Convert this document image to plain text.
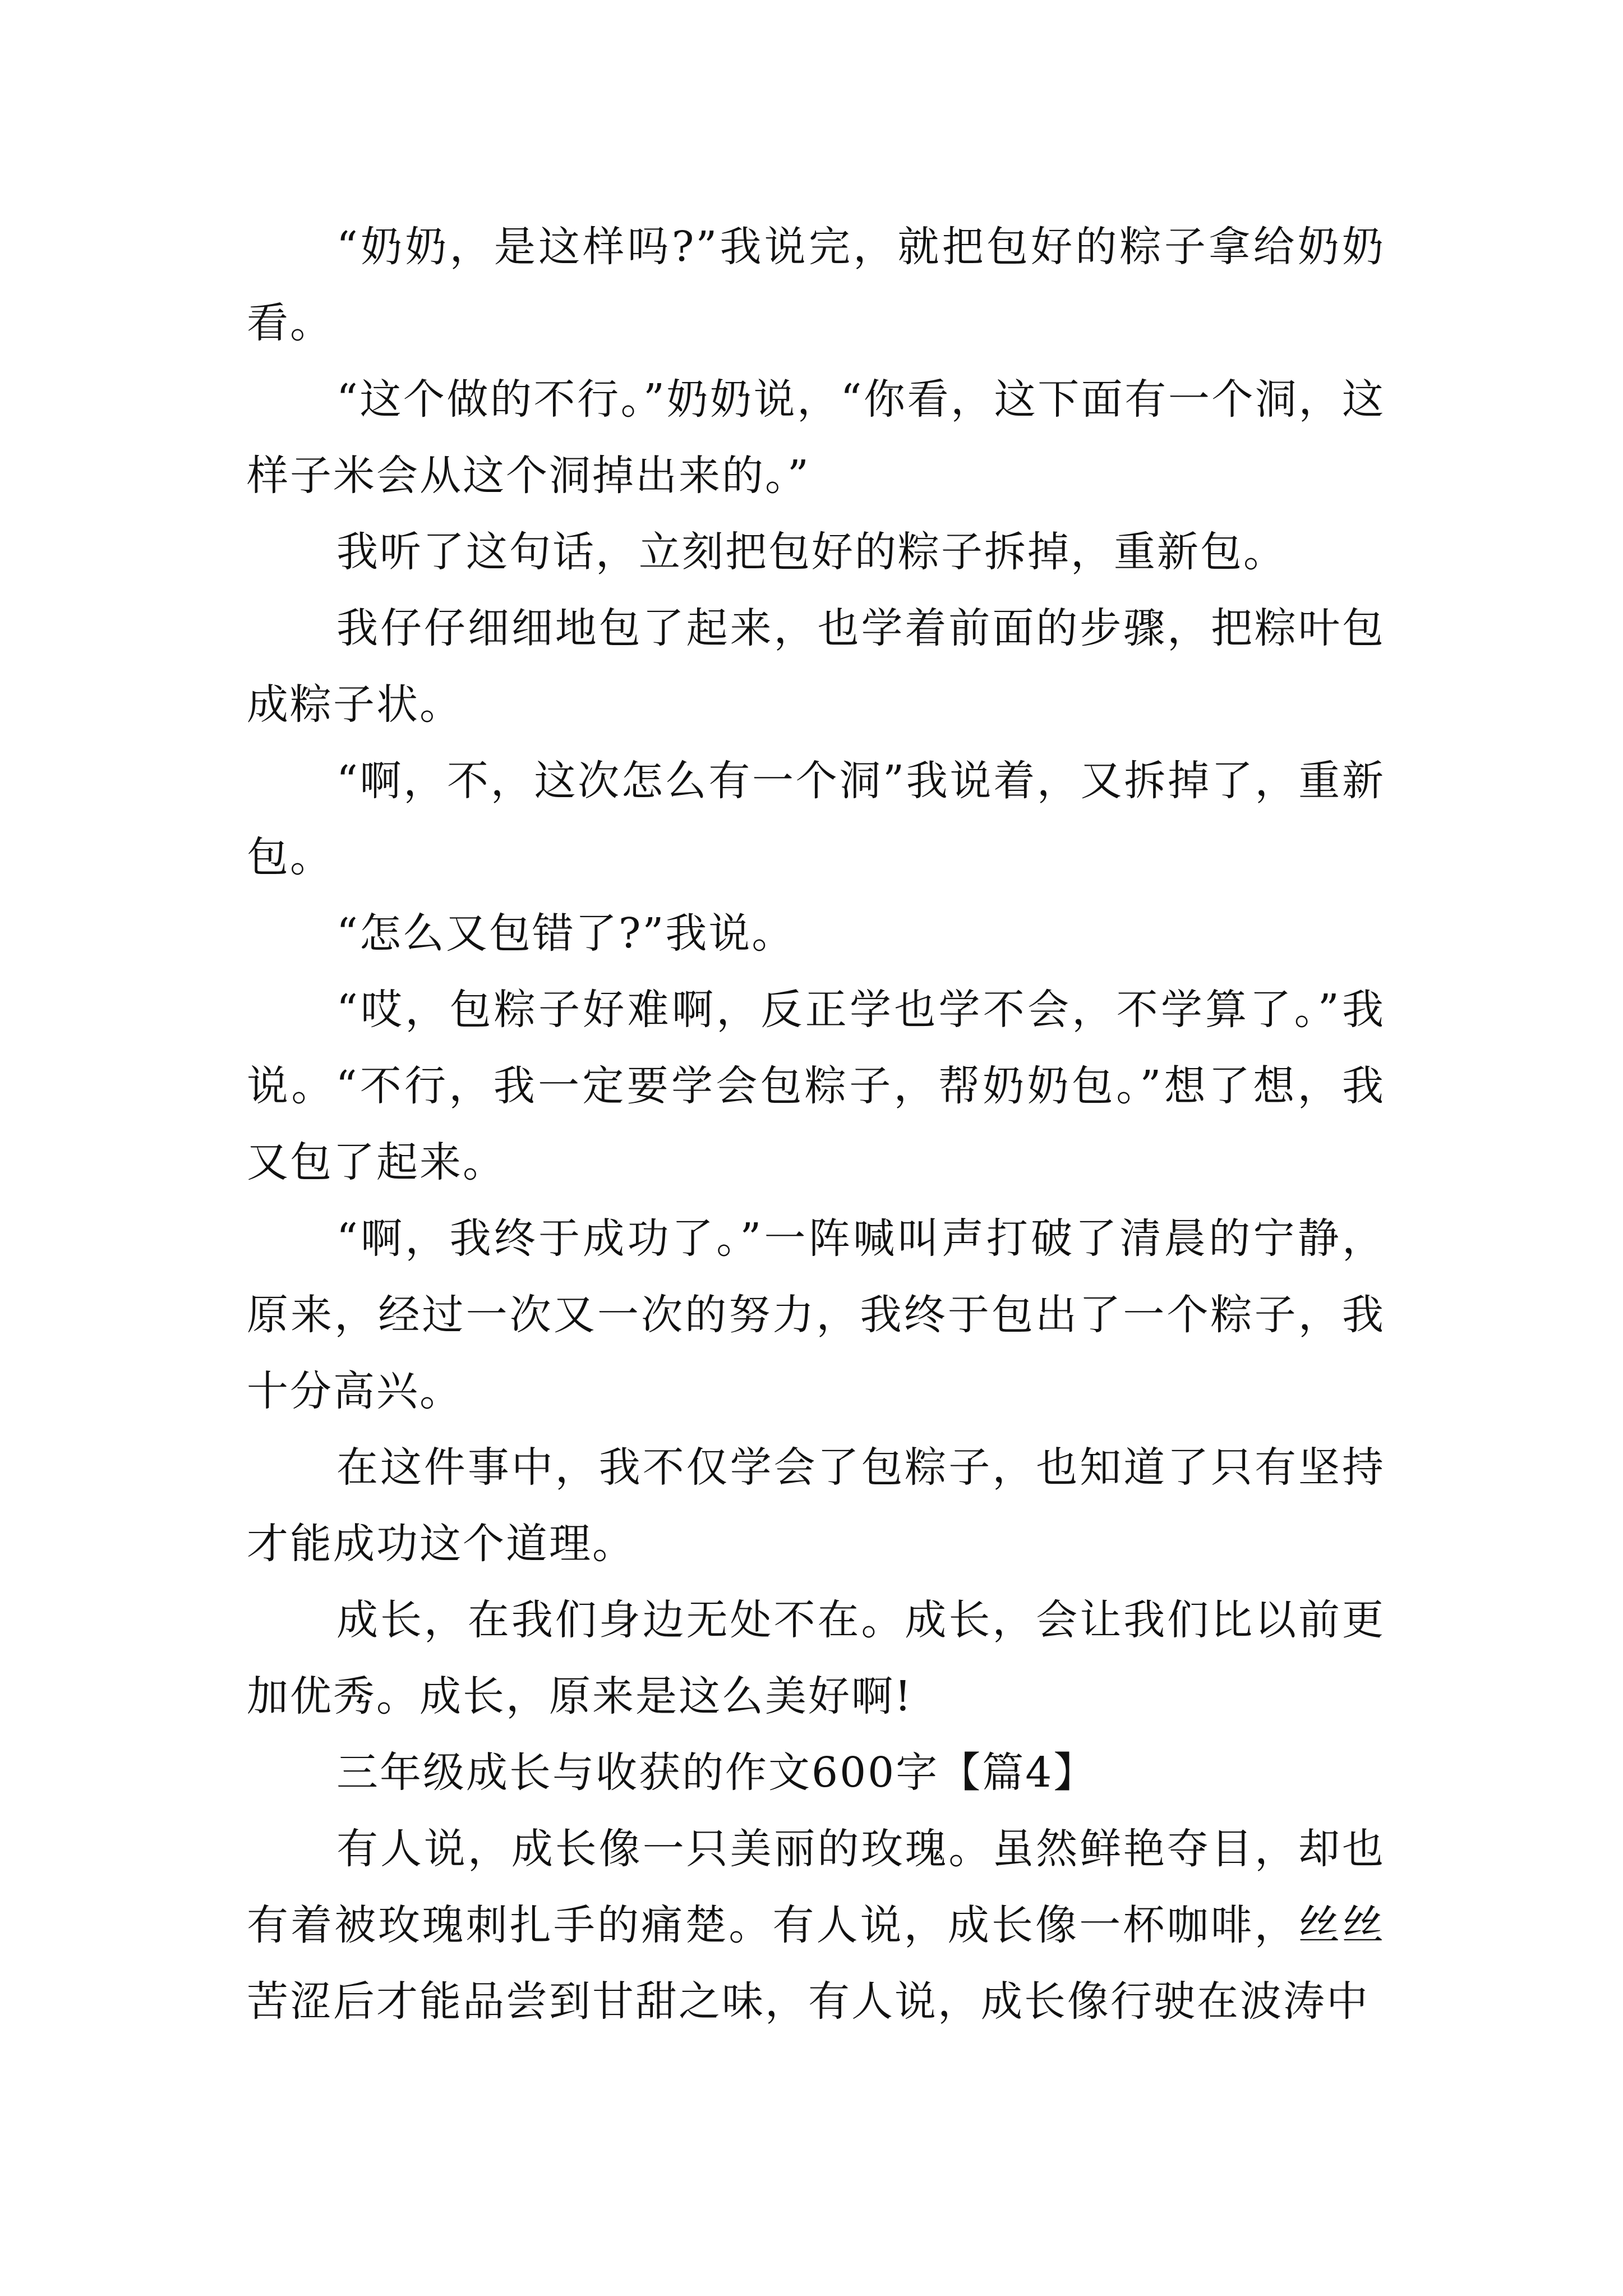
“奶奶，是这样吗?”我说完，就把包好的粽子拿给奶奶看。

“这个做的不行。”奶奶说，“你看，这下面有一个洞，这样子米会从这个洞掉出来的。”

我听了这句话，立刻把包好的粽子拆掉，重新包。

我仔仔细细地包了起来，也学着前面的步骤，把粽叶包成粽子状。

“啊，不，这次怎么有一个洞”我说着，又拆掉了，重新包。

“怎么又包错了?”我说。

“哎，包粽子好难啊，反正学也学不会，不学算了。”我说。“不行，我一定要学会包粽子，帮奶奶包。”想了想，我又包了起来。

“啊，我终于成功了。”一阵喊叫声打破了清晨的宁静，原来，经过一次又一次的努力，我终于包出了一个粽子，我十分高兴。

在这件事中，我不仅学会了包粽子，也知道了只有坚持才能成功这个道理。

成长，在我们身边无处不在。成长，会让我们比以前更加优秀。成长，原来是这么美好啊!

三年级成长与收获的作文600字【篇4】

有人说，成长像一只美丽的玫瑰。虽然鲜艳夺目，却也有着被玫瑰刺扎手的痛楚。有人说，成长像一杯咖啡，丝丝苦涩后才能品尝到甘甜之味，有人说，成长像行驶在波涛中
